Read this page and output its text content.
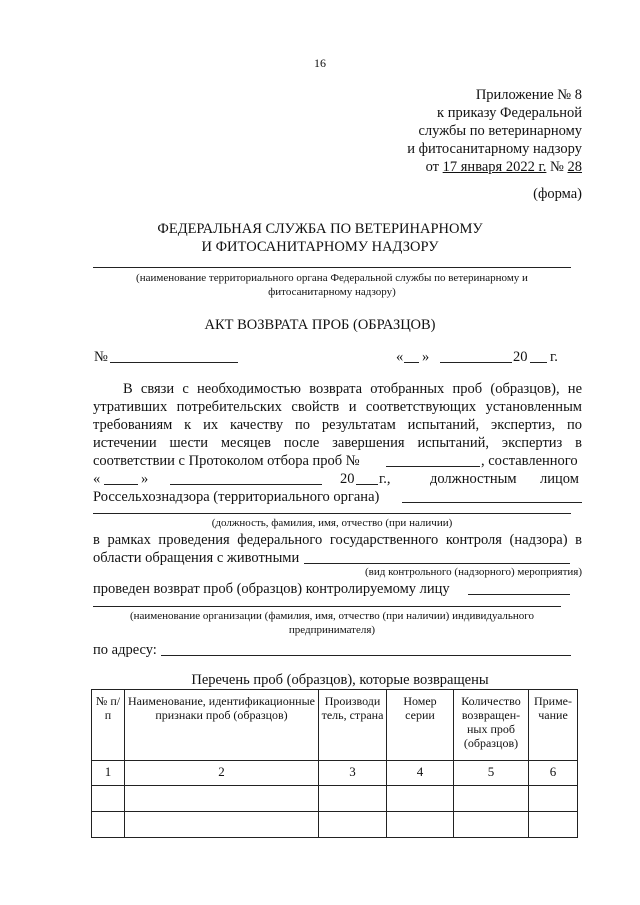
16
Приложение № 8
к приказу Федеральной
службы по ветеринарному
и фитосанитарному надзору
от 17 января 2022 г. № 28
(форма)
ФЕДЕРАЛЬНАЯ СЛУЖБА ПО ВЕТЕРИНАРНОМУ
И ФИТОСАНИТАРНОМУ НАДЗОРУ
(наименование территориального органа Федеральной службы по ветеринарному и
фитосанитарному надзору)
АКТ ВОЗВРАТА ПРОБ (ОБРАЗЦОВ)
№	« »	20 г.
В связи с необходимостью возврата отобранных проб (образцов), не
утративших потребительских свойств и соответствующих установленным
требованиям к их качеству по результатам испытаний, экспертиз, по
истечении шести месяцев после завершения испытаний, экспертиз в
соответствии с Протоколом отбора проб №	, составленного
«	»	20 г.,	должностным лицом
Россельхознадзора (территориального органа)
(должность, фамилия, имя, отчество (при наличии)
в рамках проведения федерального государственного контроля (надзора) в
области обращения с животными
(вид контрольного (надзорного) мероприятия)
проведен возврат проб (образцов) контролируемому лицу
(наименование организации (фамилия, имя, отчество (при наличии) индивидуального
предпринимателя)
по адресу:
Перечень проб (образцов), которые возвращены
№ п/п	Наименование, идентификационные признаки проб (образцов)	Производи тель, страна	Номер серии	Количество возвращен-ных проб (образцов)	Приме-чание
1	2	3	4	5	6
